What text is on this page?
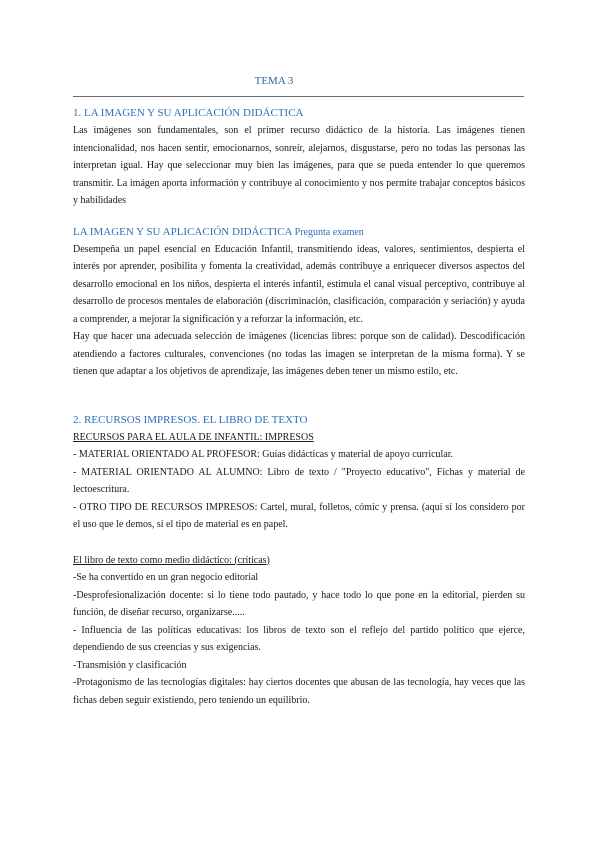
TEMA 3
1. LA IMAGEN Y SU APLICACIÓN DIDÁCTICA

Las imágenes son fundamentales, son el primer recurso didáctico de la historia. Las imágenes tienen intencionalidad, nos hacen sentir, emocionarnos, sonreír, alejarnos, disgustarse, pero no todas las personas las interpretan igual. Hay que seleccionar muy bien las imágenes, para que se pueda entender lo que queremos transmitir. La imágen aporta información y contribuye al conocimiento y nos permite trabajar conceptos básicos y habilidades

LA IMAGEN Y SU APLICACIÓN DIDÁCTICA Pregunta examen

Desempeña un papel esencial en Educación Infantil, transmitiendo ideas, valores, sentimientos, despierta el interés por aprender, posibilita y fomenta la creatividad, además contribuye a enriquecer diversos aspectos del desarrollo emocional en los niños, despierta el interés infantil, estimula el canal visual perceptivo, contribuye al desarrollo de procesos mentales de elaboración (discriminación, clasificación, comparación y seriación) y ayuda a comprender, a mejorar la significación y a reforzar la información, etc.

Hay que hacer una adecuada selección de imágenes (licencias libres: porque son de calidad). Descodificación atendiendo a factores culturales, convenciones (no todas las imagen se interpretan de la misma forma). Y se tienen que adaptar a los objetivos de aprendizaje, las imágenes deben tener un mismo estilo, etc.

2. RECURSOS IMPRESOS. EL LIBRO DE TEXTO

RECURSOS PARA EL AULA DE INFANTIL: IMPRESOS

- MATERIAL ORIENTADO AL PROFESOR: Guías didácticas y material de apoyo curricular.

- MATERIAL ORIENTADO AL ALUMNO: Libro de texto / "Proyecto educativo", Fichas y material de lectoescritura.

- OTRO TIPO DE RECURSOS IMPRESOS: Cartel, mural, folletos, cómic y prensa. (aquí sí los considero por el uso que le demos, si el tipo de material es en papel.

El libro de texto como medio didáctico: (críticas)

-Se ha convertido en un gran negocio editorial

-Desprofesionalización docente: si lo tiene todo pautado, y hace todo lo que pone en la editorial, pierden su función, de diseñar recurso, organizarse.....

- Influencia de las políticas educativas: los libros de texto son el reflejo del partido político que ejerce, dependiendo de sus creencias y sus exigencias.

-Transmisión y clasificación

-Protagonismo de las tecnologías digitales: hay ciertos docentes que abusan de las tecnología, hay veces que las fichas deben seguir existiendo, pero teniendo un equilibrio.
